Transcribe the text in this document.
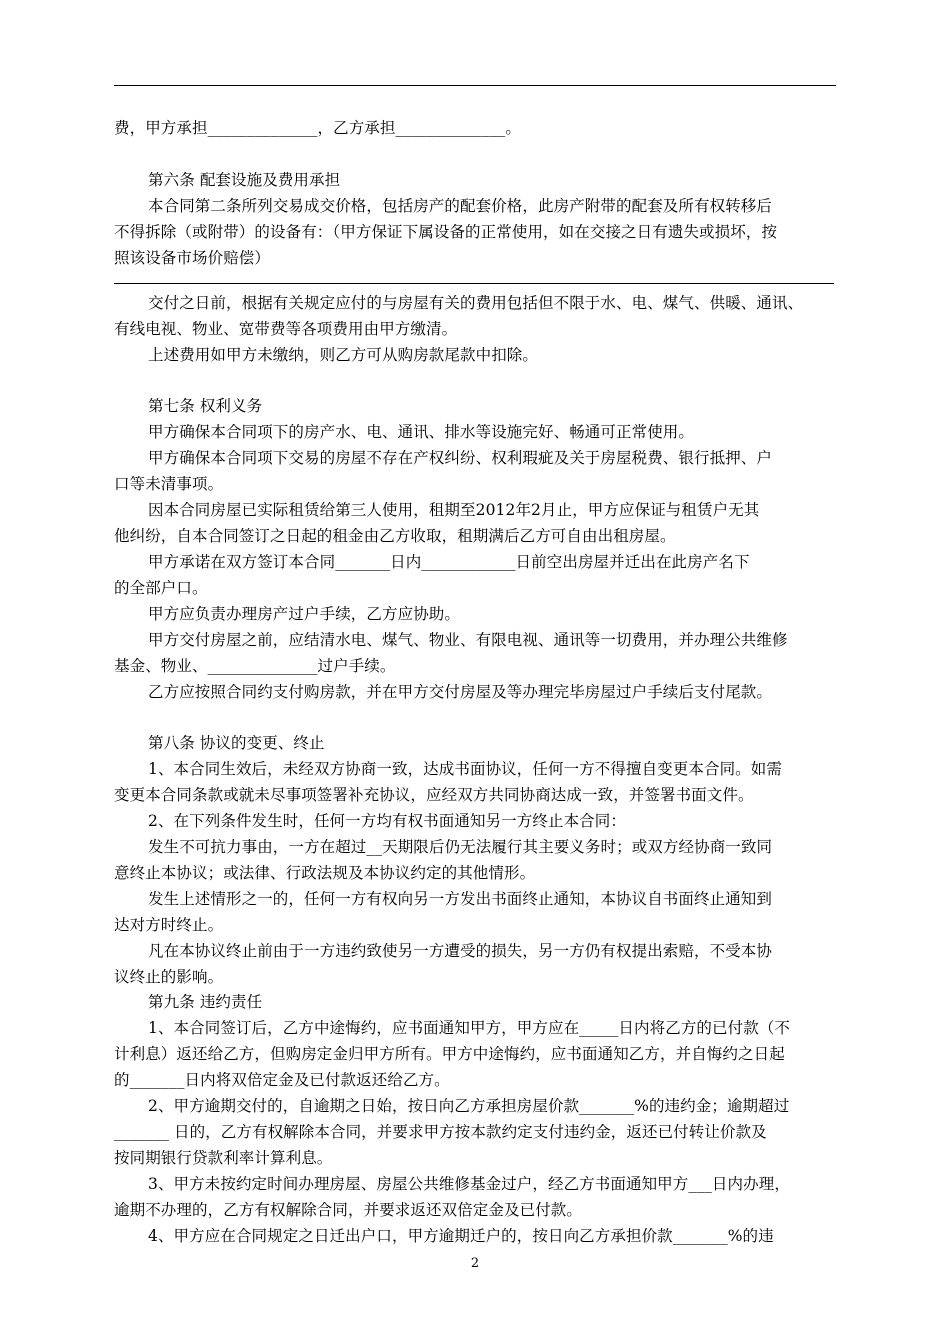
费，甲方承担______________，乙方承担______________。
第六条 配套设施及费用承担
本合同第二条所列交易成交价格，包括房产的配套价格，此房产附带的配套及所有权转移后
不得拆除（或附带）的设备有：（甲方保证下属设备的正常使用，如在交接之日有遗失或损坏，按
照该设备市场价赔偿）
交付之日前，根据有关规定应付的与房屋有关的费用包括但不限于水、电、煤气、供暖、通讯、
有线电视、物业、宽带费等各项费用由甲方缴清。
上述费用如甲方未缴纳，则乙方可从购房款尾款中扣除。
第七条 权利义务
甲方确保本合同项下的房产水、电、通讯、排水等设施完好、畅通可正常使用。
甲方确保本合同项下交易的房屋不存在产权纠纷、权利瑕疵及关于房屋税费、银行抵押、户
口等未清事项。
因本合同房屋已实际租赁给第三人使用，租期至2012年2月止，甲方应保证与租赁户无其
他纠纷，自本合同签订之日起的租金由乙方收取，租期满后乙方可自由出租房屋。
甲方承诺在双方签订本合同_______日内____________日前空出房屋并迁出在此房产名下
的全部户口。
甲方应负责办理房产过户手续，乙方应协助。
甲方交付房屋之前，应结清水电、煤气、物业、有限电视、通讯等一切费用，并办理公共维修
基金、物业、______________过户手续。
乙方应按照合同约支付购房款，并在甲方交付房屋及等办理完毕房屋过户手续后支付尾款。
第八条 协议的变更、终止
1、本合同生效后，未经双方协商一致，达成书面协议，任何一方不得擅自变更本合同。如需
变更本合同条款或就未尽事项签署补充协议，应经双方共同协商达成一致，并签署书面文件。
2、在下列条件发生时，任何一方均有权书面通知另一方终止本合同：
发生不可抗力事由，一方在超过__天期限后仍无法履行其主要义务时；或双方经协商一致同
意终止本协议；或法律、行政法规及本协议约定的其他情形。
发生上述情形之一的，任何一方有权向另一方发出书面终止通知，本协议自书面终止通知到
达对方时终止。
凡在本协议终止前由于一方违约致使另一方遭受的损失，另一方仍有权提出索赔，不受本协
议终止的影响。
第九条 违约责任
1、本合同签订后，乙方中途悔约，应书面通知甲方，甲方应在_____日内将乙方的已付款（不
计利息）返还给乙方，但购房定金归甲方所有。甲方中途悔约，应书面通知乙方，并自悔约之日起
的_______日内将双倍定金及已付款返还给乙方。
2、甲方逾期交付的，自逾期之日始，按日向乙方承担房屋价款_______%的违约金；逾期超过
_______ 日的，乙方有权解除本合同，并要求甲方按本款约定支付违约金，返还已付转让价款及
按同期银行贷款利率计算利息。
3、甲方未按约定时间办理房屋、房屋公共维修基金过户，经乙方书面通知甲方___日内办理，
逾期不办理的，乙方有权解除合同，并要求返还双倍定金及已付款。
4、甲方应在合同规定之日迁出户口，甲方逾期迁户的，按日向乙方承担价款_______%的违
2
